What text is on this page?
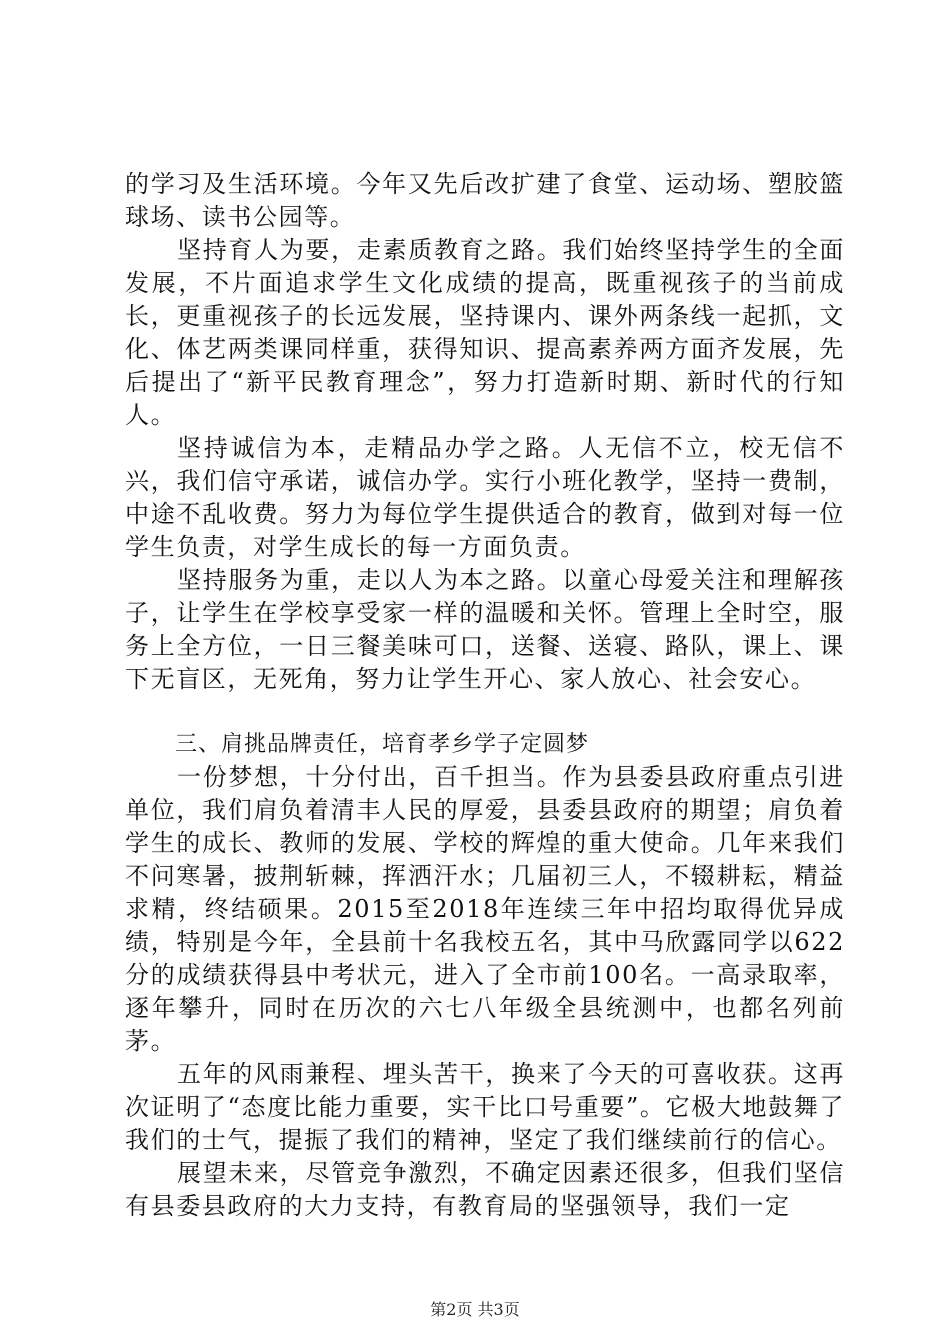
的学习及生活环境。今年又先后改扩建了食堂、运动场、塑胶篮球场、读书公园等。

坚持育人为要，走素质教育之路。我们始终坚持学生的全面发展，不片面追求学生文化成绩的提高，既重视孩子的当前成长，更重视孩子的长远发展，坚持课内、课外两条线一起抓，文化、体艺两类课同样重，获得知识、提高素养两方面齐发展，先后提出了“新平民教育理念”，努力打造新时期、新时代的行知人。

坚持诚信为本，走精品办学之路。人无信不立，校无信不兴，我们信守承诺，诚信办学。实行小班化教学，坚持一费制，中途不乱收费。努力为每位学生提供适合的教育，做到对每一位学生负责，对学生成长的每一方面负责。

坚持服务为重，走以人为本之路。以童心母爱关注和理解孩子，让学生在学校享受家一样的温暖和关怀。管理上全时空，服务上全方位，一日三餐美味可口，送餐、送寝、路队，课上、课下无盲区，无死角，努力让学生开心、家人放心、社会安心。

三、肩挑品牌责任，培育孝乡学子定圆梦

一份梦想，十分付出，百千担当。作为县委县政府重点引进单位，我们肩负着清丰人民的厚爱，县委县政府的期望；肩负着学生的成长、教师的发展、学校的辉煌的重大使命。几年来我们不问寒暑，披荆斩棘，挥洒汗水；几届初三人，不辍耕耘，精益求精，终结硕果。2015至2018年连续三年中招均取得优异成绩，特别是今年，全县前十名我校五名，其中马欣露同学以622分的成绩获得县中考状元，进入了全市前100名。一高录取率，逐年攀升，同时在历次的六七八年级全县统测中，也都名列前茅。

五年的风雨兼程、埋头苦干，换来了今天的可喜收获。这再次证明了“态度比能力重要，实干比口号重要”。它极大地鼓舞了我们的士气，提振了我们的精神，坚定了我们继续前行的信心。

展望未来，尽管竞争激烈，不确定因素还很多，但我们坚信有县委县政府的大力支持，有教育局的坚强领导，我们一定

第2页 共3页
